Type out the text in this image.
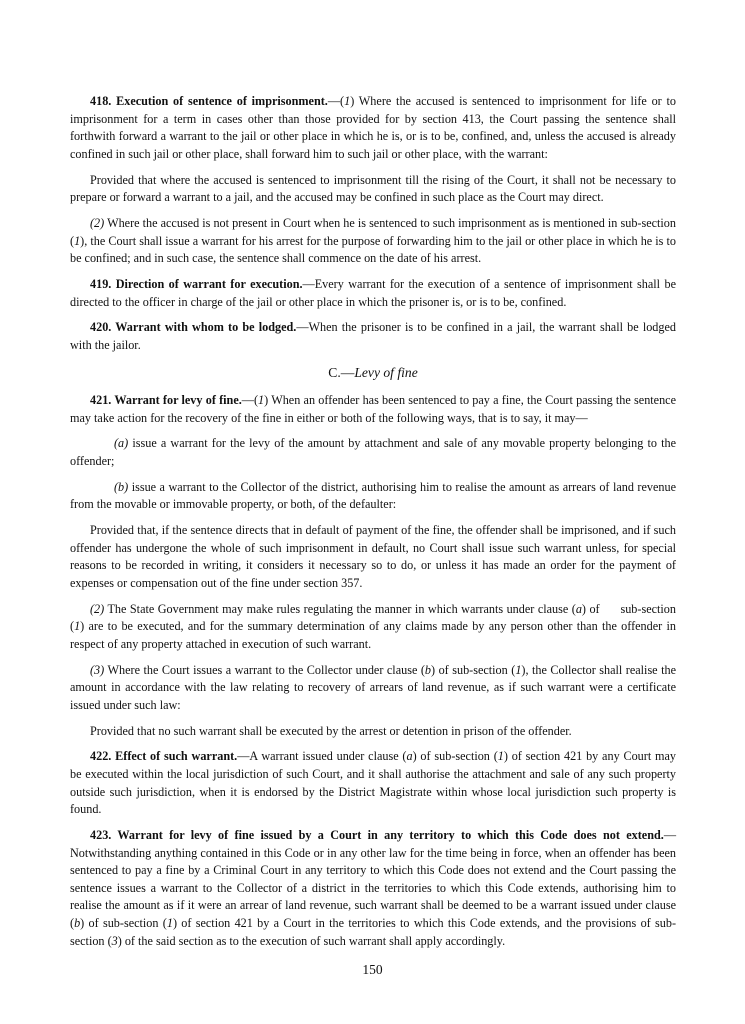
418. Execution of sentence of imprisonment.—(1) Where the accused is sentenced to imprisonment for life or to imprisonment for a term in cases other than those provided for by section 413, the Court passing the sentence shall forthwith forward a warrant to the jail or other place in which he is, or is to be, confined, and, unless the accused is already confined in such jail or other place, shall forward him to such jail or other place, with the warrant:

Provided that where the accused is sentenced to imprisonment till the rising of the Court, it shall not be necessary to prepare or forward a warrant to a jail, and the accused may be confined in such place as the Court may direct.

(2) Where the accused is not present in Court when he is sentenced to such imprisonment as is mentioned in sub-section (1), the Court shall issue a warrant for his arrest for the purpose of forwarding him to the jail or other place in which he is to be confined; and in such case, the sentence shall commence on the date of his arrest.

419. Direction of warrant for execution.—Every warrant for the execution of a sentence of imprisonment shall be directed to the officer in charge of the jail or other place in which the prisoner is, or is to be, confined.

420. Warrant with whom to be lodged.—When the prisoner is to be confined in a jail, the warrant shall be lodged with the jailor.

C.—Levy of fine

421. Warrant for levy of fine.—(1) When an offender has been sentenced to pay a fine, the Court passing the sentence may take action for the recovery of the fine in either or both of the following ways, that is to say, it may—

(a) issue a warrant for the levy of the amount by attachment and sale of any movable property belonging to the offender;

(b) issue a warrant to the Collector of the district, authorising him to realise the amount as arrears of land revenue from the movable or immovable property, or both, of the defaulter:

Provided that, if the sentence directs that in default of payment of the fine, the offender shall be imprisoned, and if such offender has undergone the whole of such imprisonment in default, no Court shall issue such warrant unless, for special reasons to be recorded in writing, it considers it necessary so to do, or unless it has made an order for the payment of expenses or compensation out of the fine under section 357.

(2) The State Government may make rules regulating the manner in which warrants under clause (a) of      sub-section (1) are to be executed, and for the summary determination of any claims made by any person other than the offender in respect of any property attached in execution of such warrant.

(3) Where the Court issues a warrant to the Collector under clause (b) of sub-section (1), the Collector shall realise the amount in accordance with the law relating to recovery of arrears of land revenue, as if such warrant were a certificate issued under such law:

Provided that no such warrant shall be executed by the arrest or detention in prison of the offender.

422. Effect of such warrant.—A warrant issued under clause (a) of sub-section (1) of section 421 by any Court may be executed within the local jurisdiction of such Court, and it shall authorise the attachment and sale of any such property outside such jurisdiction, when it is endorsed by the District Magistrate within whose local jurisdiction such property is found.

423. Warrant for levy of fine issued by a Court in any territory to which this Code does not extend.— Notwithstanding anything contained in this Code or in any other law for the time being in force, when an offender has been sentenced to pay a fine by a Criminal Court in any territory to which this Code does not extend and the Court passing the sentence issues a warrant to the Collector of a district in the territories to which this Code extends, authorising him to realise the amount as if it were an arrear of land revenue, such warrant shall be deemed to be a warrant issued under clause (b) of sub-section (1) of section 421 by a Court in the territories to which this Code extends, and the provisions of sub-section (3) of the said section as to the execution of such warrant shall apply accordingly.

150
